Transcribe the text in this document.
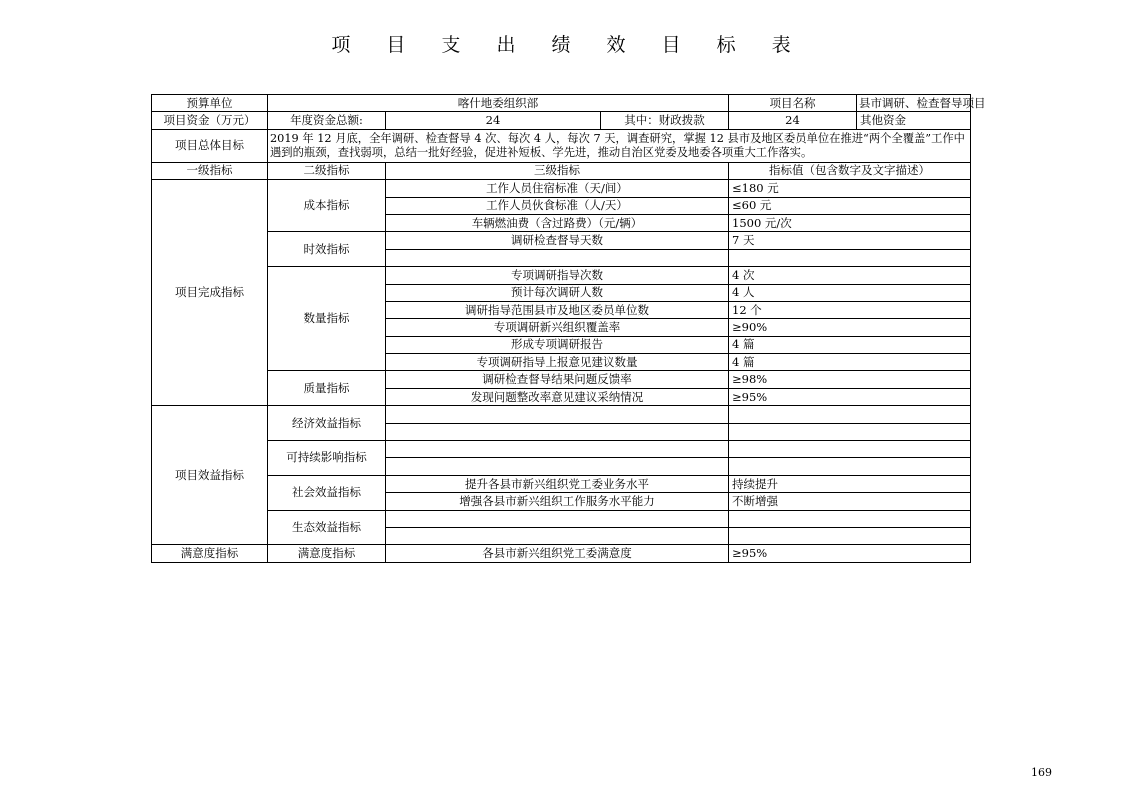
项 目 支 出 绩 效 目 标 表
预算单位	喀什地委组织部			项目名称	县市调研、检查督导项目
项目资金（万元）	年度资金总额:	24	其中：财政拨款	24	其他资金
项目总体目标	2019 年 12 月底，全年调研、检查督导 4 次、每次 4 人，每次 7 天，调查研究，掌握 12 县市及地区委员单位在推进“两个全覆盖”工作中遇到的瓶颈，查找弱项，总结一批好经验，促进补短板、学先进，推动自治区党委及地委各项重大工作落实。				
一级指标	二级指标	三级指标		指标值（包含数字及文字描述）	
项目完成指标	成本指标	工作人员住宿标准（天/间）		≤180 元	
		工作人员伙食标准（人/天）		≤60 元	
		车辆燃油费（含过路费）（元/辆）		1500 元/次	
	时效指标	调研检查督导天数		7 天	

	数量指标	专项调研指导次数		4 次	
		预计每次调研人数		4 人	
		调研指导范围县市及地区委员单位数		12 个	
		专项调研新兴组织覆盖率		≥90%	
		形成专项调研报告		4 篇	
		专项调研指导上报意见建议数量		4 篇	
	质量指标	调研检查督导结果问题反馈率		≥98%	
		发现问题整改率意见建议采纳情况		≥95%	
项目效益指标	经济效益指标				

	可持续影响指标				

	社会效益指标	提升各县市新兴组织党工委业务水平		持续提升	
		增强各县市新兴组织工作服务水平能力		不断增强	
	生态效益指标				

满意度指标	满意度指标	各县市新兴组织党工委满意度		≥95%	
169
